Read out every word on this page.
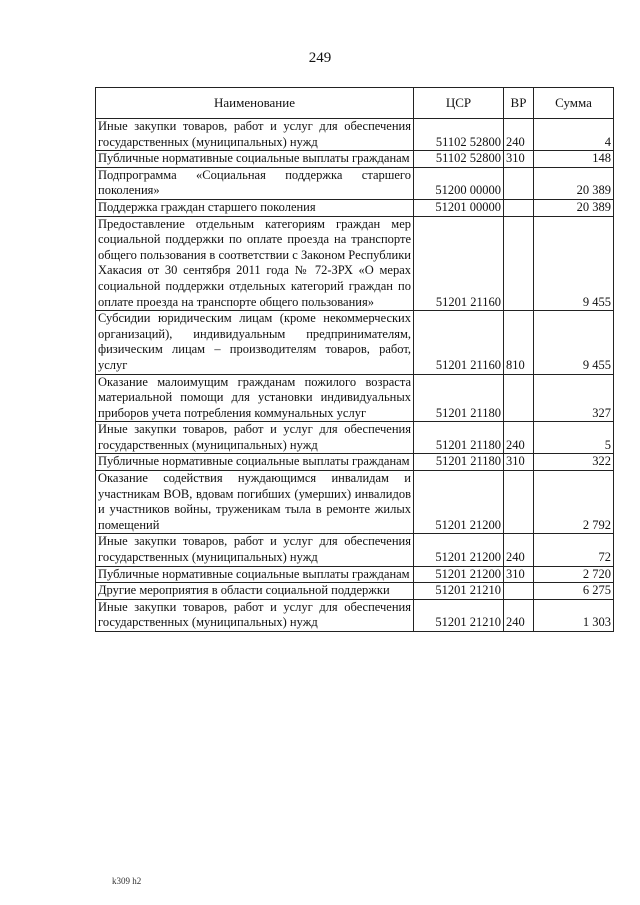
249
Наименование	ЦСР	ВР	Сумма
Иные закупки товаров, работ и услуг для обеспечения государственных (муниципальных) нужд	51102 52800	240	4
Публичные нормативные социальные выплаты гражданам	51102 52800	310	148
Подпрограмма «Социальная поддержка старшего поколения»	51200 00000		20 389
Поддержка граждан старшего поколения	51201 00000		20 389
Предоставление отдельным категориям граждан мер социальной поддержки по оплате проезда на транспорте общего пользования в соответствии с Законом Республики Хакасия от 30 сентября 2011 года № 72-ЗРХ «О мерах социальной поддержки отдельных категорий граждан по оплате проезда на транспорте общего пользования»	51201 21160		9 455
Субсидии юридическим лицам (кроме некоммерческих организаций), индивидуальным предпринимателям, физическим лицам – производителям товаров, работ, услуг	51201 21160	810	9 455
Оказание малоимущим гражданам пожилого возраста материальной помощи для установки индивидуальных приборов учета потребления коммунальных услуг	51201 21180		327
Иные закупки товаров, работ и услуг для обеспечения государственных (муниципальных) нужд	51201 21180	240	5
Публичные нормативные социальные выплаты гражданам	51201 21180	310	322
Оказание содействия нуждающимся инвалидам и участникам ВОВ, вдовам погибших (умерших) инвалидов и участников войны, труженикам тыла в ремонте жилых помещений	51201 21200		2 792
Иные закупки товаров, работ и услуг для обеспечения государственных (муниципальных) нужд	51201 21200	240	72
Публичные нормативные социальные выплаты гражданам	51201 21200	310	2 720
Другие мероприятия в области социальной поддержки	51201 21210		6 275
Иные закупки товаров, работ и услуг для обеспечения государственных (муниципальных) нужд	51201 21210	240	1 303
k309 h2
